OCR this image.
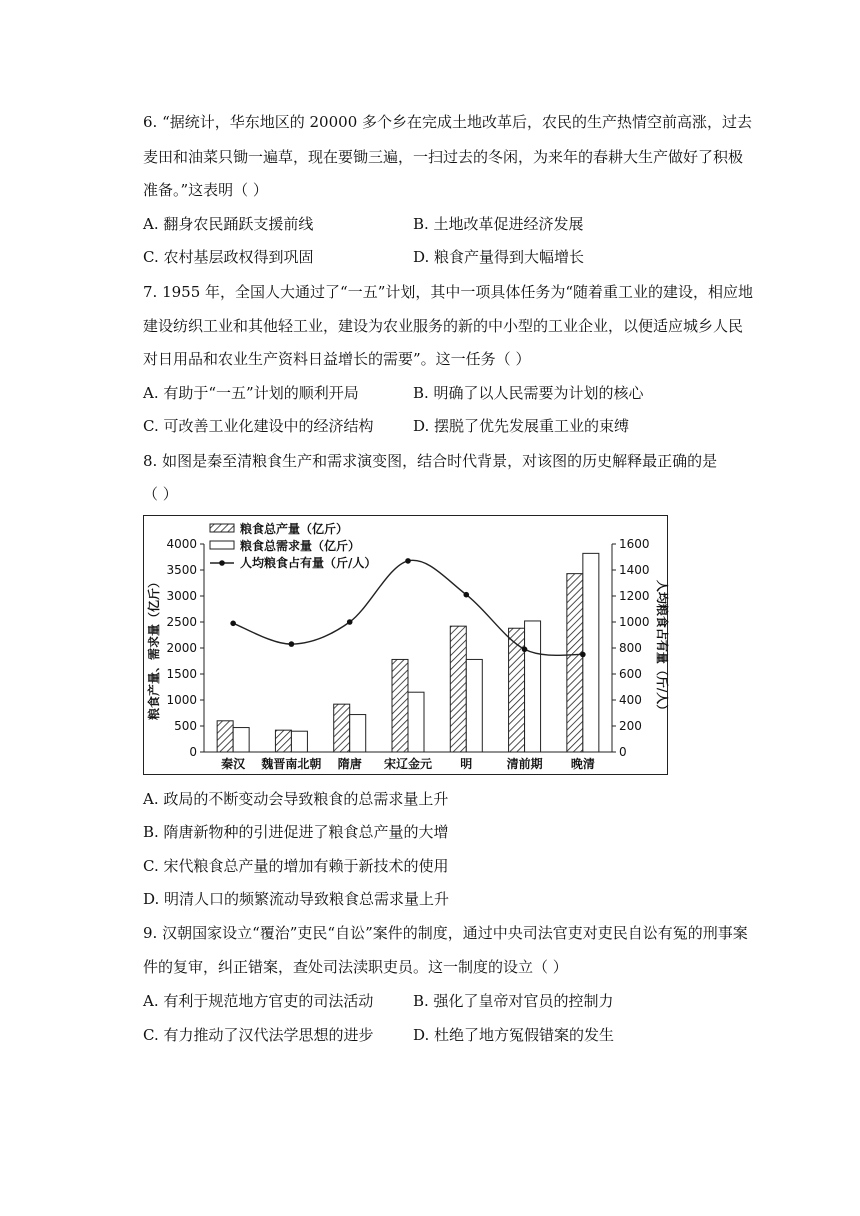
6. “据统计，华东地区的 20000 多个乡在完成土地改革后，农民的生产热情空前高涨，过去
麦田和油菜只锄一遍草，现在要锄三遍，一扫过去的冬闲，为来年的春耕大生产做好了积极
准备。”这表明（ ）
A. 翻身农民踊跃支援前线	B. 土地改革促进经济发展
C. 农村基层政权得到巩固	D. 粮食产量得到大幅增长
7. 1955 年，全国人大通过了“一五”计划，其中一项具体任务为“随着重工业的建设，相应地
建设纺织工业和其他轻工业，建设为农业服务的新的中小型的工业企业，以便适应城乡人民
对日用品和农业生产资料日益增长的需要”。这一任务（ ）
A. 有助于“一五”计划的顺利开局	B. 明确了以人民需要为计划的核心
C. 可改善工业化建设中的经济结构	D. 摆脱了优先发展重工业的束缚
8. 如图是秦至清粮食生产和需求演变图，结合时代背景，对该图的历史解释最正确的是
（ ）
0
500
1000
1500
2000
2500
3000
3500
4000
0
200
400
600
800
1000
1200
1400
1600
秦汉 魏晋南北朝 隋唐 宋辽金元 明	清前期 晚清
粮食总产量（亿斤）
粮食总需求量（亿斤）
人均粮食占有量（斤/人）
粮食产量、需求量（亿斤）	人均粮食占有量（斤/人）
A. 政局的不断变动会导致粮食的总需求量上升
B. 隋唐新物种的引进促进了粮食总产量的大增
C. 宋代粮食总产量的增加有赖于新技术的使用
D. 明清人口的频繁流动导致粮食总需求量上升
9. 汉朝国家设立“覆治”吏民“自讼”案件的制度，通过中央司法官吏对吏民自讼有冤的刑事案
件的复审，纠正错案，查处司法渎职吏员。这一制度的设立（ ）
A. 有利于规范地方官吏的司法活动	B. 强化了皇帝对官员的控制力
C. 有力推动了汉代法学思想的进步	D. 杜绝了地方冤假错案的发生
